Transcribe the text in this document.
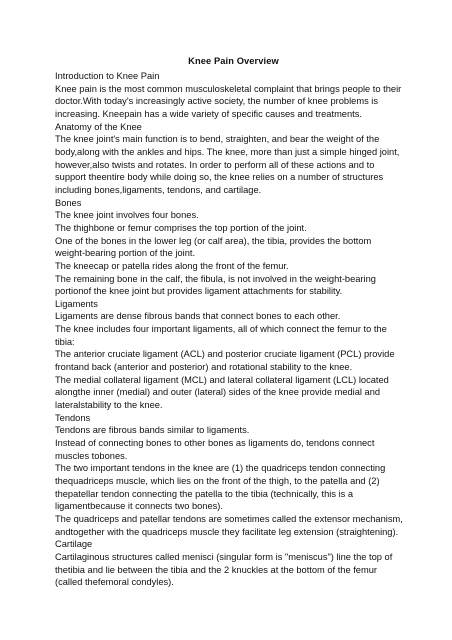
Knee Pain Overview
Introduction to Knee Pain
Knee pain is the most common musculoskeletal complaint that brings people to their
doctor.With today's increasingly active society, the number of knee problems is
increasing. Kneepain has a wide variety of specific causes and treatments.
Anatomy of the Knee
The knee joint's main function is to bend, straighten, and bear the weight of the
body,along with the ankles and hips. The knee, more than just a simple hinged joint,
however,also twists and rotates. In order to perform all of these actions and to
support theentire body while doing so, the knee relies on a number of structures
including bones,ligaments, tendons, and cartilage.
Bones
The knee joint involves four bones.
The thighbone or femur comprises the top portion of the joint.
One of the bones in the lower leg (or calf area), the tibia, provides the bottom
weight-bearing portion of the joint.
The kneecap or patella rides along the front of the femur.
The remaining bone in the calf, the fibula, is not involved in the weight-bearing
portionof the knee joint but provides ligament attachments for stability.
Ligaments
Ligaments are dense fibrous bands that connect bones to each other.
The knee includes four important ligaments, all of which connect the femur to the
tibia:
The anterior cruciate ligament (ACL) and posterior cruciate ligament (PCL) provide
frontand back (anterior and posterior) and rotational stability to the knee.
The medial collateral ligament (MCL) and lateral collateral ligament (LCL) located
alongthe inner (medial) and outer (lateral) sides of the knee provide medial and
lateralstability to the knee.
Tendons
Tendons are fibrous bands similar to ligaments.
Instead of connecting bones to other bones as ligaments do, tendons connect
muscles tobones.
The two important tendons in the knee are (1) the quadriceps tendon connecting
thequadriceps muscle, which lies on the front of the thigh, to the patella and (2)
thepatellar tendon connecting the patella to the tibia (technically, this is a
ligamentbecause it connects two bones).
The quadriceps and patellar tendons are sometimes called the extensor mechanism,
andtogether with the quadriceps muscle they facilitate leg extension (straightening).
Cartilage
Cartilaginous structures called menisci (singular form is "meniscus") line the top of
thetibia and lie between the tibia and the 2 knuckles at the bottom of the femur
(called thefemoral condyles).
